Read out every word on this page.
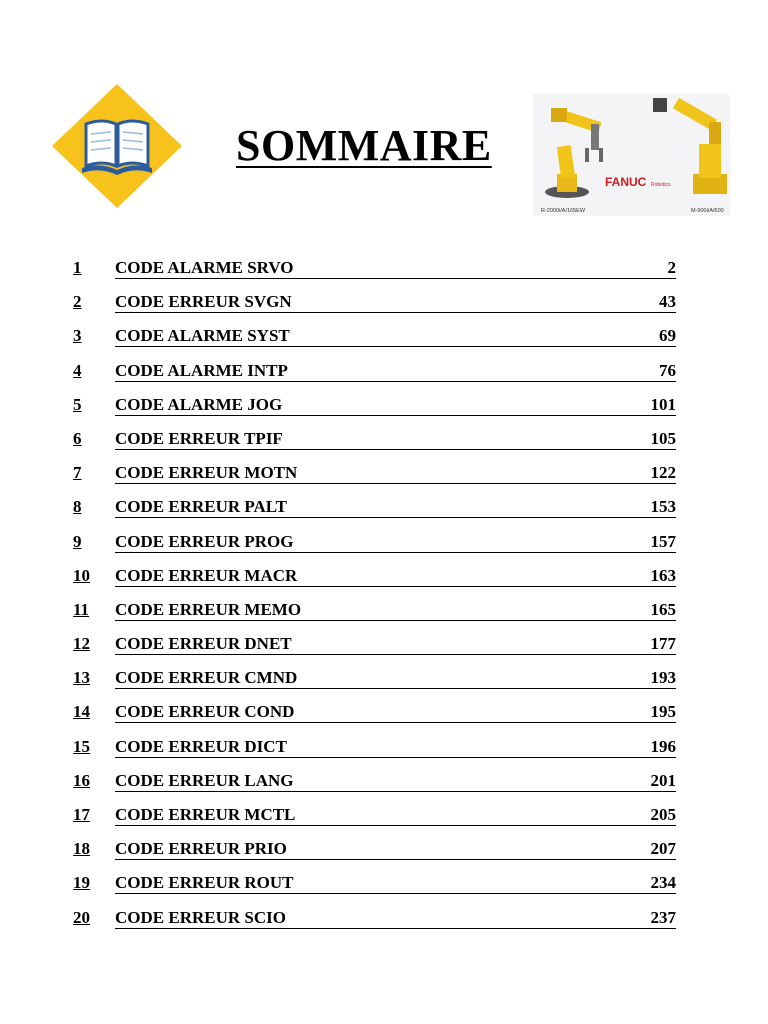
SOMMAIRE
FANUC Robotics
R-2000i/A/165EW	M-900i/A/600
1 CODE ALARME SRVO	2
2 CODE ERREUR SVGN	43
3 CODE ALARME SYST	69
4 CODE ALARME INTP	76
5 CODE ALARME JOG	101
6 CODE ERREUR TPIF	105
7 CODE ERREUR MOTN	122
8 CODE ERREUR PALT	153
9 CODE ERREUR PROG	157
10 CODE ERREUR MACR	163
11 CODE ERREUR MEMO	165
12 CODE ERREUR DNET	177
13 CODE ERREUR CMND	193
14 CODE ERREUR COND	195
15 CODE ERREUR DICT	196
16 CODE ERREUR LANG	201
17 CODE ERREUR MCTL	205
18 CODE ERREUR PRIO	207
19 CODE ERREUR ROUT	234
20 CODE ERREUR SCIO	237
